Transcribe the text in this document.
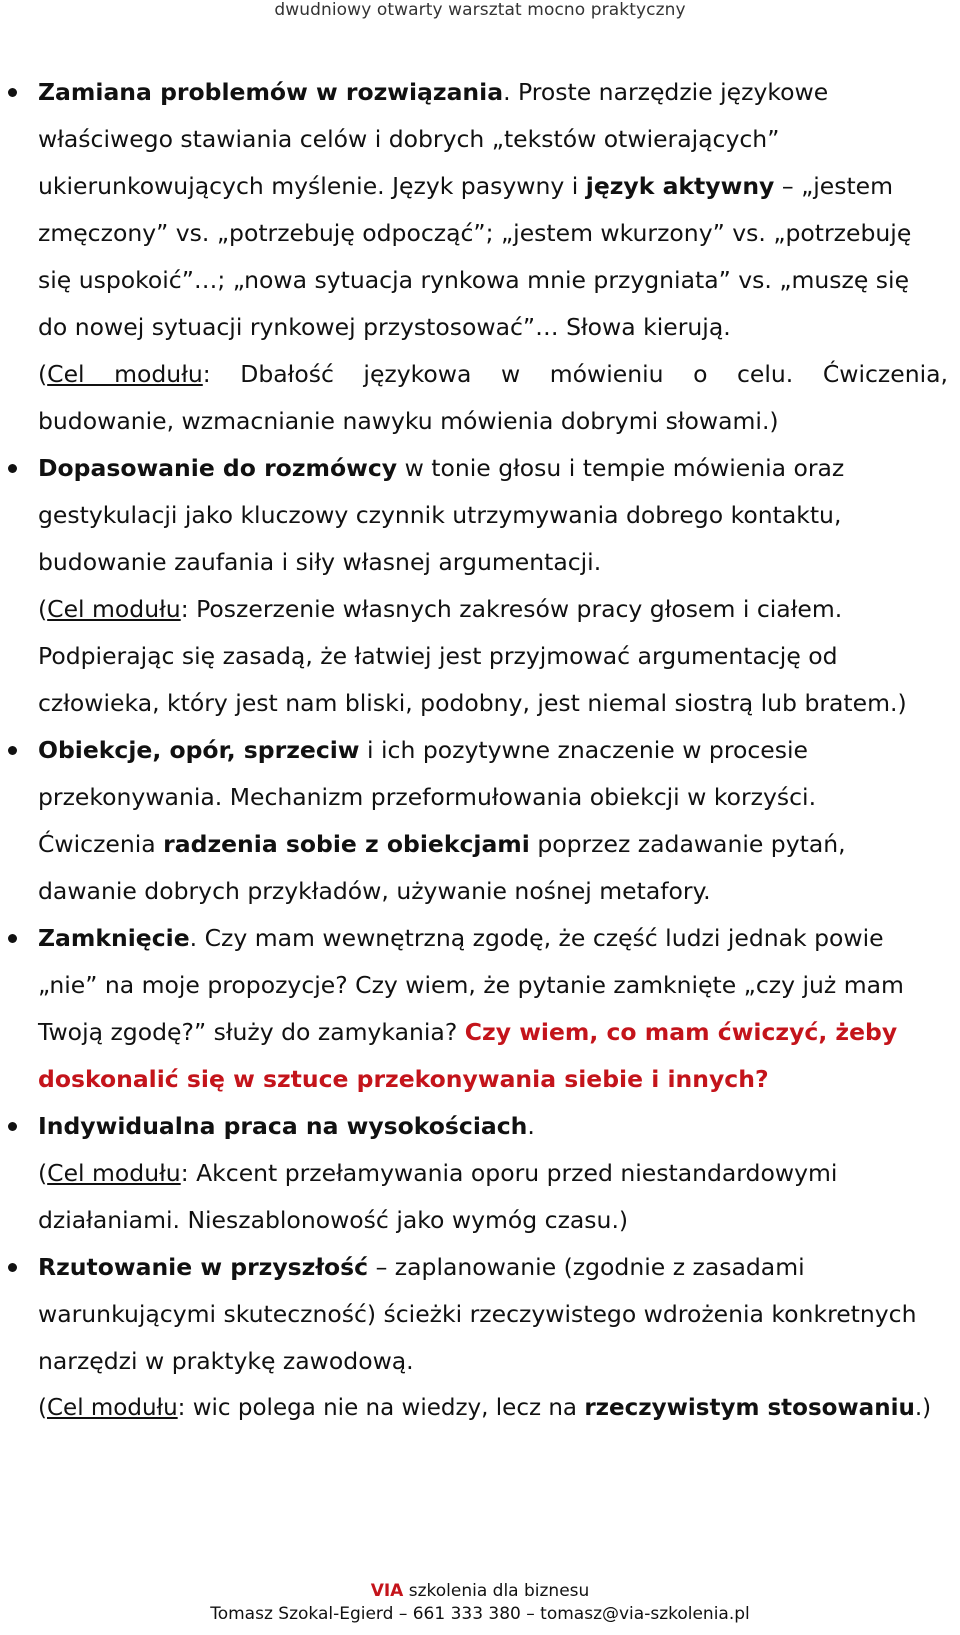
dwudniowy otwarty warsztat mocno praktyczny
Zamiana problemów w rozwiązania. Proste narzędzie językowe
właściwego stawiania celów i dobrych „tekstów otwierających”
ukierunkowujących myślenie. Język pasywny i język aktywny – „jestem
zmęczony” vs. „potrzebuję odpocząć”; „jestem wkurzony” vs. „potrzebuję
się uspokoić”…; „nowa sytuacja rynkowa mnie przygniata” vs. „muszę się
do nowej sytuacji rynkowej przystosować”… Słowa kierują.
(Cel modułu: Dbałość językowa w mówieniu o celu. Ćwiczenia,
budowanie, wzmacnianie nawyku mówienia dobrymi słowami.)
Dopasowanie do rozmówcy w tonie głosu i tempie mówienia oraz
gestykulacji jako kluczowy czynnik utrzymywania dobrego kontaktu,
budowanie zaufania i siły własnej argumentacji.
(Cel modułu: Poszerzenie własnych zakresów pracy głosem i ciałem.
Podpierając się zasadą, że łatwiej jest przyjmować argumentację od
człowieka, który jest nam bliski, podobny, jest niemal siostrą lub bratem.)
Obiekcje, opór, sprzeciw i ich pozytywne znaczenie w procesie
przekonywania. Mechanizm przeformułowania obiekcji w korzyści.
Ćwiczenia radzenia sobie z obiekcjami poprzez zadawanie pytań,
dawanie dobrych przykładów, używanie nośnej metafory.
Zamknięcie. Czy mam wewnętrzną zgodę, że część ludzi jednak powie
„nie” na moje propozycje? Czy wiem, że pytanie zamknięte „czy już mam
Twoją zgodę?” służy do zamykania? Czy wiem, co mam ćwiczyć, żeby
doskonalić się w sztuce przekonywania siebie i innych?
Indywidualna praca na wysokościach.
(Cel modułu: Akcent przełamywania oporu przed niestandardowymi
działaniami. Nieszablonowość jako wymóg czasu.)
Rzutowanie w przyszłość – zaplanowanie (zgodnie z zasadami
warunkującymi skuteczność) ścieżki rzeczywistego wdrożenia konkretnych
narzędzi w praktykę zawodową.
(Cel modułu: wic polega nie na wiedzy, lecz na rzeczywistym stosowaniu.)
VIA szkolenia dla biznesu
Tomasz Szokal-Egierd – 661 333 380 – tomasz@via-szkolenia.pl
